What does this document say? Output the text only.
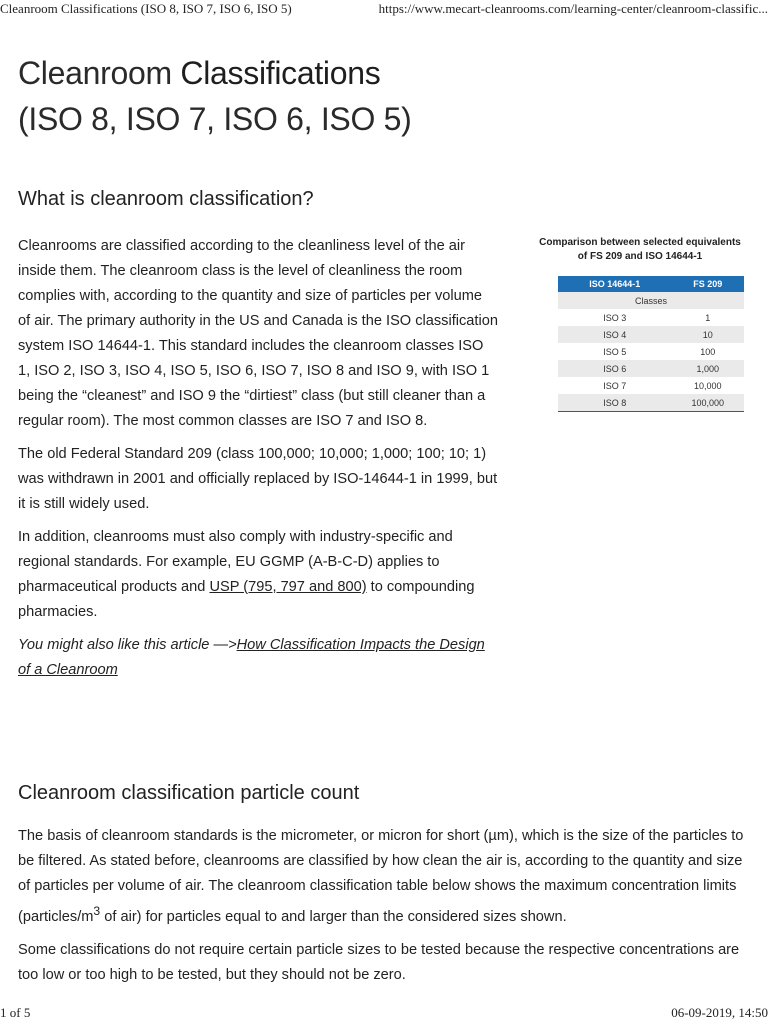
Cleanroom Classifications (ISO 8, ISO 7, ISO 6, ISO 5)	https://www.mecart-cleanrooms.com/learning-center/cleanroom-classific...
Cleanroom Classifications
(ISO 8, ISO 7, ISO 6, ISO 5)
What is cleanroom classification?

Cleanrooms are classified according to the cleanliness level of the air inside them. The cleanroom class is the level of cleanliness the room complies with, according to the quantity and size of particles per volume of air. The primary authority in the US and Canada is the ISO classification system ISO 14644-1. This standard includes the cleanroom classes ISO 1, ISO 2, ISO 3, ISO 4, ISO 5, ISO 6, ISO 7, ISO 8 and ISO 9, with ISO 1 being the “cleanest” and ISO 9 the “dirtiest” class (but still cleaner than a regular room). The most common classes are ISO 7 and ISO 8.

The old Federal Standard 209 (class 100,000; 10,000; 1,000; 100; 10; 1) was withdrawn in 2001 and officially replaced by ISO-14644-1 in 1999, but it is still widely used.

In addition, cleanrooms must also comply with industry-specific and regional standards. For example, EU GGMP (A-B-C-D) applies to pharmaceutical products and USP (795, 797 and 800) to compounding pharmacies.

You might also like this article —>How Classification Impacts the Design of a Cleanroom

Comparison between selected equivalents
of FS 209 and ISO 14644-1
ISO 14644-1	FS 209
Classes	
ISO 3	1
ISO 4	10
ISO 5	100
ISO 6	1,000
ISO 7	10,000
ISO 8	100,000
Cleanroom classification particle count

The basis of cleanroom standards is the micrometer, or micron for short (µm), which is the size of the particles to be filtered. As stated before, cleanrooms are classified by how clean the air is, according to the quantity and size of particles per volume of air. The cleanroom classification table below shows the maximum concentration limits ($particles/m^3$ of air) for particles equal to and larger than the considered sizes shown.

Some classifications do not require certain particle sizes to be tested because the respective concentrations are too low or too high to be tested, but they should not be zero.

1 of 5	06-09-2019, 14:50
